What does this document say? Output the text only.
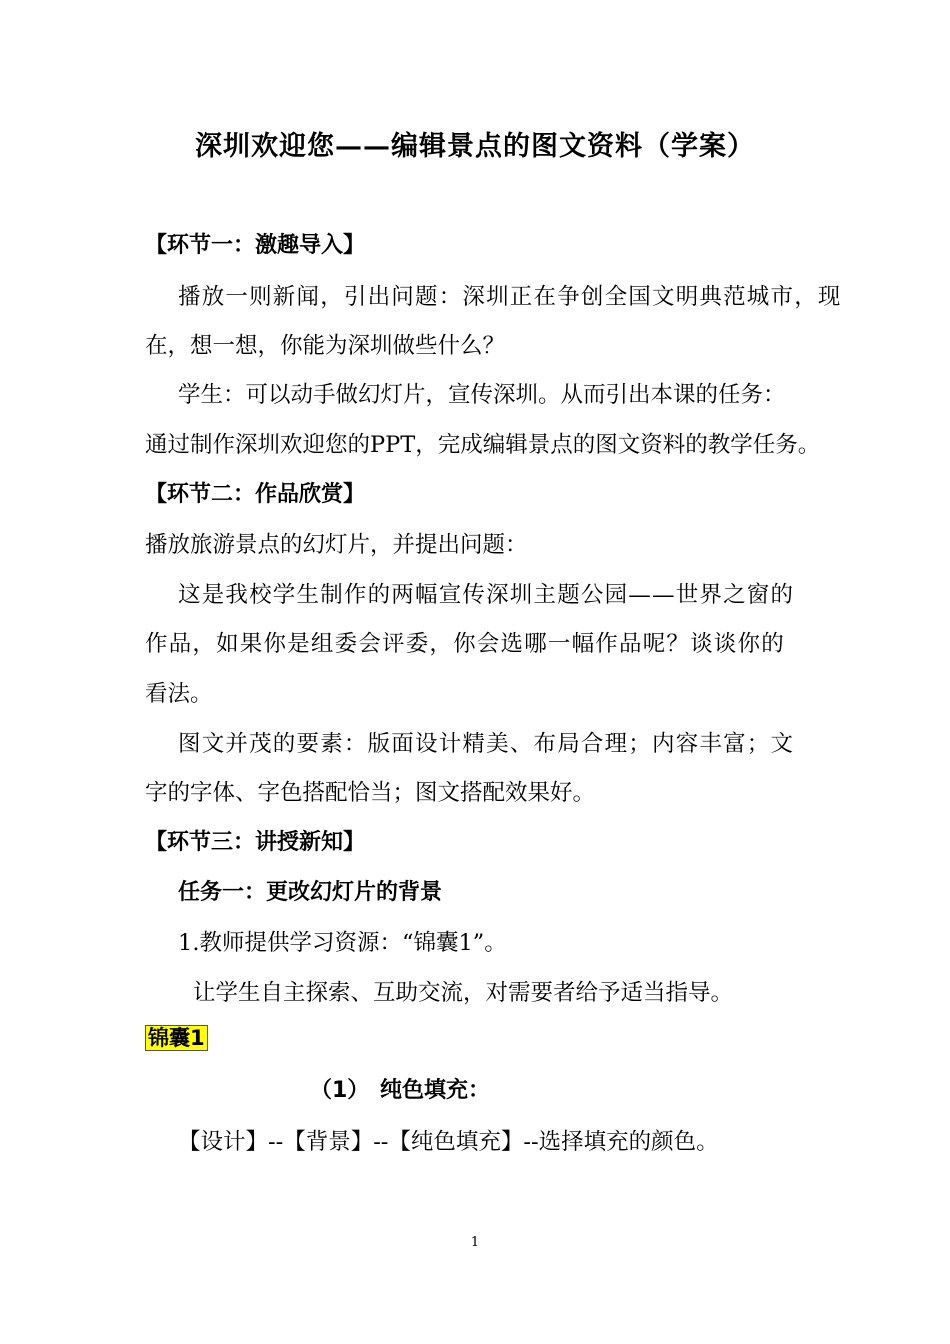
深圳欢迎您——编辑景点的图文资料（学案）
【环节一：激趣导入】
播放一则新闻，引出问题：深圳正在争创全国文明典范城市，现
在，想一想，你能为深圳做些什么？
学生：可以动手做幻灯片，宣传深圳。从而引出本课的任务：
通过制作深圳欢迎您的PPT，完成编辑景点的图文资料的教学任务。
【环节二：作品欣赏】
播放旅游景点的幻灯片，并提出问题：
这是我校学生制作的两幅宣传深圳主题公园——世界之窗的
作品，如果你是组委会评委，你会选哪一幅作品呢？谈谈你的
看法。
图文并茂的要素：版面设计精美、布局合理；内容丰富；文
字的字体、字色搭配恰当；图文搭配效果好。
【环节三：讲授新知】
任务一：更改幻灯片的背景
1.教师提供学习资源：“锦囊1”。
让学生自主探索、互助交流，对需要者给予适当指导。
锦囊1
（1） 纯色填充：
【设计】--【背景】--【纯色填充】--选择填充的颜色。
1
